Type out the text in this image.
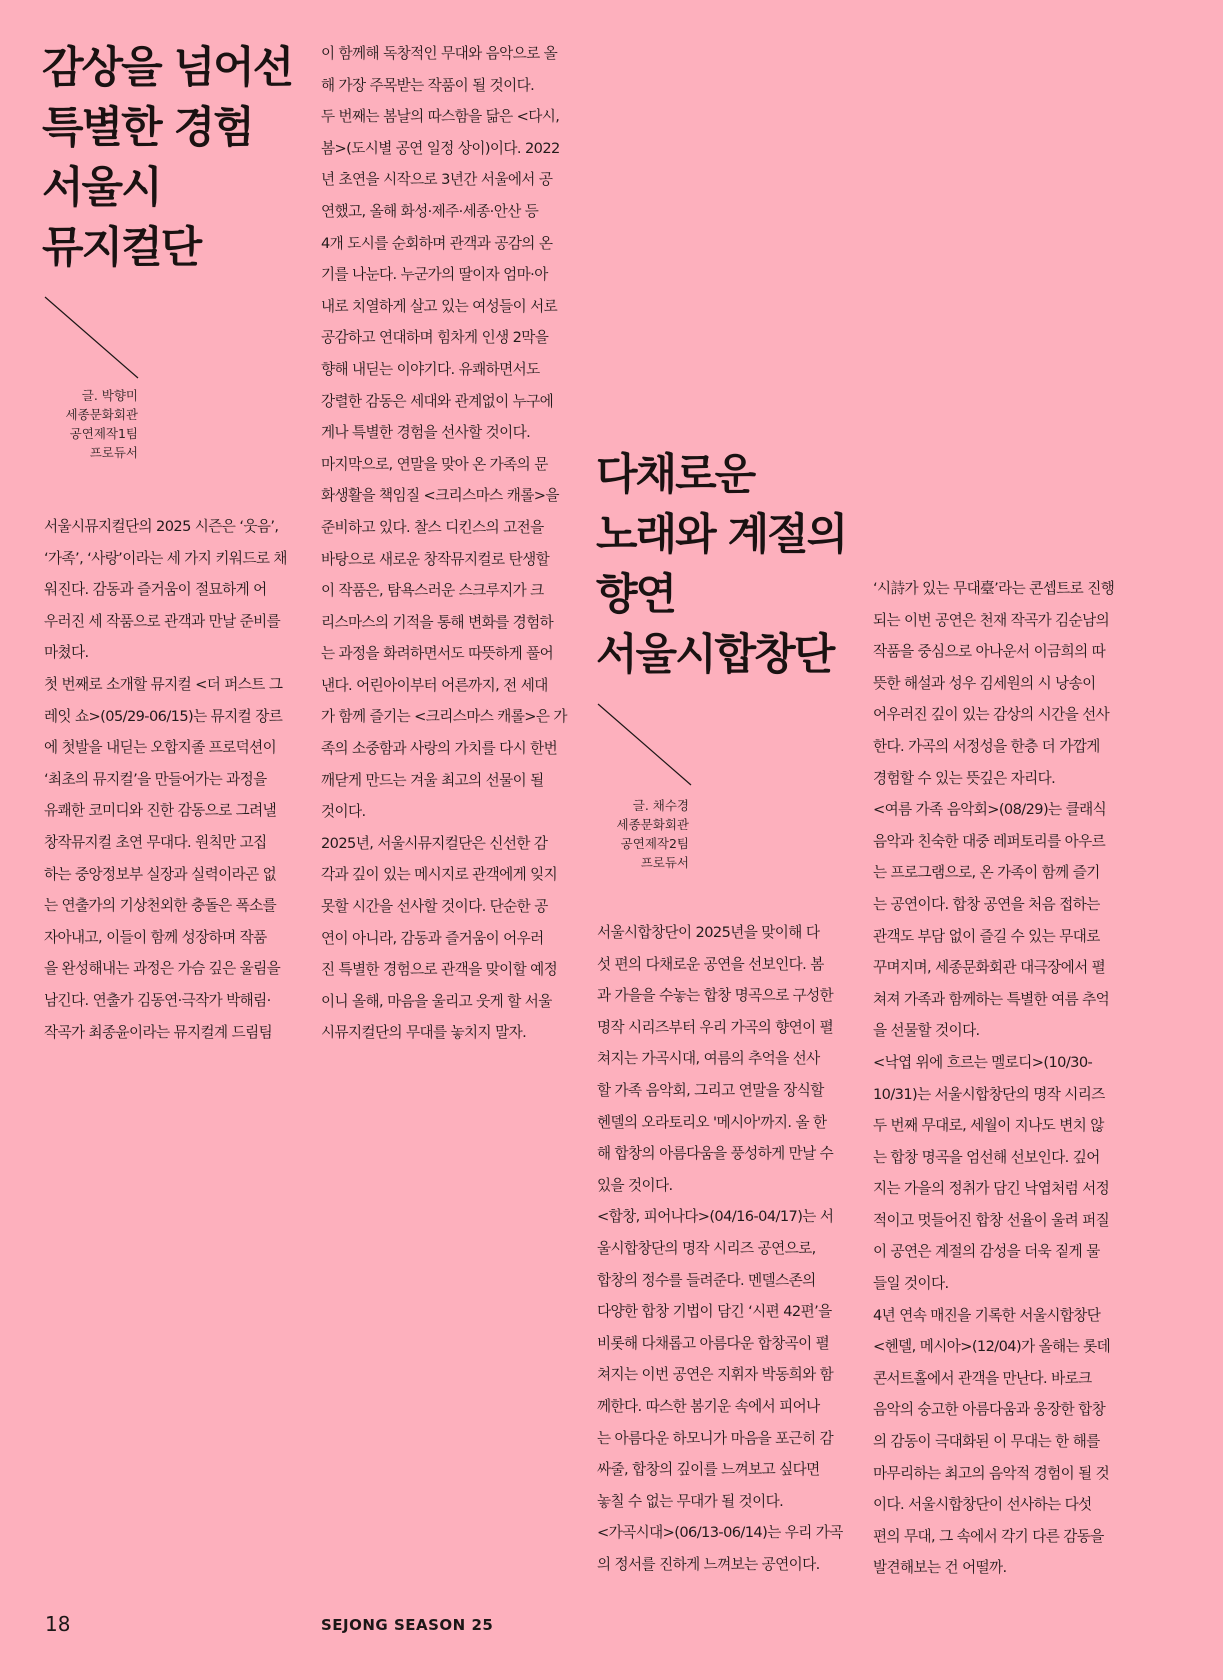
감상을 넘어선
특별한 경험
서울시
뮤지컬단
글. 박향미
세종문화회관
공연제작1팀
프로듀서
서울시뮤지컬단의 2025 시즌은 ‘웃음’,
‘가족’, ‘사랑’이라는 세 가지 키워드로 채
워진다. 감동과 즐거움이 절묘하게 어
우러진 세 작품으로 관객과 만날 준비를
마쳤다.
첫 번째로 소개할 뮤지컬 <더 퍼스트 그
레잇 쇼>(05/29-06/15)는 뮤지컬 장르
에 첫발을 내딛는 오합지졸 프로덕션이
‘최초의 뮤지컬’을 만들어가는 과정을
유쾌한 코미디와 진한 감동으로 그려낼
창작뮤지컬 초연 무대다. 원칙만 고집
하는 중앙정보부 실장과 실력이라곤 없
는 연출가의 기상천외한 충돌은 폭소를
자아내고, 이들이 함께 성장하며 작품
을 완성해내는 과정은 가슴 깊은 울림을
남긴다. 연출가 김동연·극작가 박해림·
작곡가 최종윤이라는 뮤지컬계 드림팀
이 함께해 독창적인 무대와 음악으로 올
해 가장 주목받는 작품이 될 것이다.
두 번째는 봄날의 따스함을 닮은 <다시,
봄>(도시별 공연 일정 상이)이다. 2022
년 초연을 시작으로 3년간 서울에서 공
연했고, 올해 화성·제주·세종·안산 등
4개 도시를 순회하며 관객과 공감의 온
기를 나눈다. 누군가의 딸이자 엄마·아
내로 치열하게 살고 있는 여성들이 서로
공감하고 연대하며 힘차게 인생 2막을
향해 내딛는 이야기다. 유쾌하면서도
강렬한 감동은 세대와 관계없이 누구에
게나 특별한 경험을 선사할 것이다.
마지막으로, 연말을 맞아 온 가족의 문
화생활을 책임질 <크리스마스 캐롤>을
준비하고 있다. 찰스 디킨스의 고전을
바탕으로 새로운 창작뮤지컬로 탄생할
이 작품은, 탐욕스러운 스크루지가 크
리스마스의 기적을 통해 변화를 경험하
는 과정을 화려하면서도 따뜻하게 풀어
낸다. 어린아이부터 어른까지, 전 세대
가 함께 즐기는 <크리스마스 캐롤>은 가
족의 소중함과 사랑의 가치를 다시 한번
깨닫게 만드는 겨울 최고의 선물이 될
것이다.
2025년, 서울시뮤지컬단은 신선한 감
각과 깊이 있는 메시지로 관객에게 잊지
못할 시간을 선사할 것이다. 단순한 공
연이 아니라, 감동과 즐거움이 어우러
진 특별한 경험으로 관객을 맞이할 예정
이니 올해, 마음을 울리고 웃게 할 서울
시뮤지컬단의 무대를 놓치지 말자.
다채로운
노래와 계절의
향연
서울시합창단
글. 채수경
세종문화회관
공연제작2팀
프로듀서
서울시합창단이 2025년을 맞이해 다
섯 편의 다채로운 공연을 선보인다. 봄
과 가을을 수놓는 합창 명곡으로 구성한
명작 시리즈부터 우리 가곡의 향연이 펼
쳐지는 가곡시대, 여름의 추억을 선사
할 가족 음악회, 그리고 연말을 장식할
헨델의 오라토리오 '메시아'까지. 올 한
해 합창의 아름다움을 풍성하게 만날 수
있을 것이다.
<합창, 피어나다>(04/16-04/17)는 서
울시합창단의 명작 시리즈 공연으로,
합창의 정수를 들려준다. 멘델스존의
다양한 합창 기법이 담긴 ‘시편 42편’을
비롯해 다채롭고 아름다운 합창곡이 펼
쳐지는 이번 공연은 지휘자 박동희와 함
께한다. 따스한 봄기운 속에서 피어나
는 아름다운 하모니가 마음을 포근히 감
싸줄, 합창의 깊이를 느껴보고 싶다면
놓칠 수 없는 무대가 될 것이다.
<가곡시대>(06/13-06/14)는 우리 가곡
의 정서를 진하게 느껴보는 공연이다.
‘시詩가 있는 무대臺’라는 콘셉트로 진행
되는 이번 공연은 천재 작곡가 김순남의
작품을 중심으로 아나운서 이금희의 따
뜻한 해설과 성우 김세원의 시 낭송이
어우러진 깊이 있는 감상의 시간을 선사
한다. 가곡의 서정성을 한층 더 가깝게
경험할 수 있는 뜻깊은 자리다.
<여름 가족 음악회>(08/29)는 클래식
음악과 친숙한 대중 레퍼토리를 아우르
는 프로그램으로, 온 가족이 함께 즐기
는 공연이다. 합창 공연을 처음 접하는
관객도 부담 없이 즐길 수 있는 무대로
꾸며지며, 세종문화회관 대극장에서 펼
쳐져 가족과 함께하는 특별한 여름 추억
을 선물할 것이다.
<낙엽 위에 흐르는 멜로디>(10/30-
10/31)는 서울시합창단의 명작 시리즈
두 번째 무대로, 세월이 지나도 변치 않
는 합창 명곡을 엄선해 선보인다. 깊어
지는 가을의 정취가 담긴 낙엽처럼 서정
적이고 멋들어진 합창 선율이 울려 퍼질
이 공연은 계절의 감성을 더욱 짙게 물
들일 것이다.
4년 연속 매진을 기록한 서울시합창단
<헨델, 메시아>(12/04)가 올해는 롯데
콘서트홀에서 관객을 만난다. 바로크
음악의 숭고한 아름다움과 웅장한 합창
의 감동이 극대화된 이 무대는 한 해를
마무리하는 최고의 음악적 경험이 될 것
이다. 서울시합창단이 선사하는 다섯
편의 무대, 그 속에서 각기 다른 감동을
발견해보는 건 어떨까.
18	SEJONG SEASON 25
